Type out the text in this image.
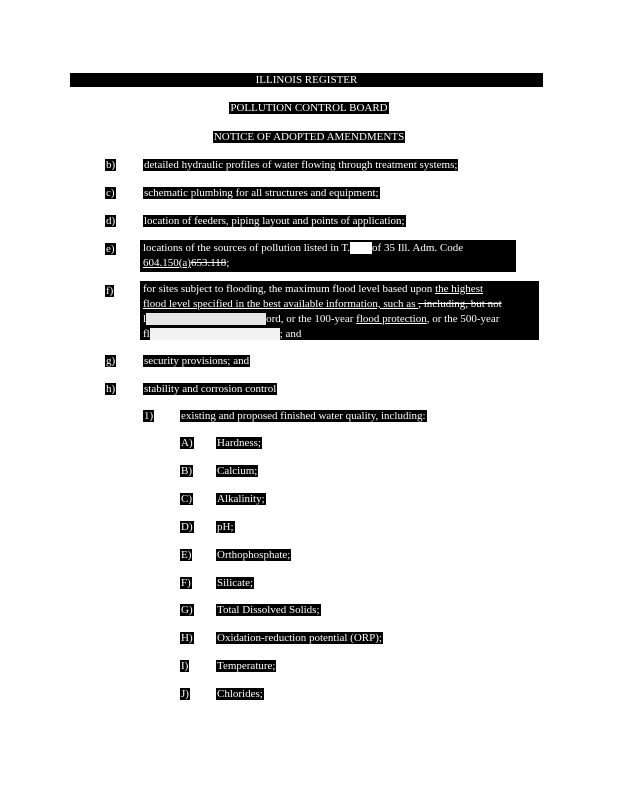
ILLINOIS REGISTER
POLLUTION CONTROL BOARD
NOTICE OF ADOPTED AMENDMENTS
b)	detailed hydraulic profiles of water flowing through treatment systems;
c)	schematic plumbing for all structures and equipment;
d)	location of feeders, piping layout and points of application;
e)	locations of the sources of pollution listed in T. of 35 Ill. Adm. Code
604.150(a)653.118;
f)	for sites subject to flooding, the maximum flood level based upon the highest
flood level specified in the best available information, such as , including, but not
l	ord, or the 100-year flood protection, or the 500-year
fl	; and
g)	security provisions; and
h)	stability and corrosion control
1)	existing and proposed finished water quality, including:
A) Hardness;
B) Calcium;
C) Alkalinity;
D) pH;
E) Orthophosphate;
F) Silicate;
G) Total Dissolved Solids;
H) Oxidation-reduction potential (ORP);
I)	Temperature;
J)	Chlorides;
